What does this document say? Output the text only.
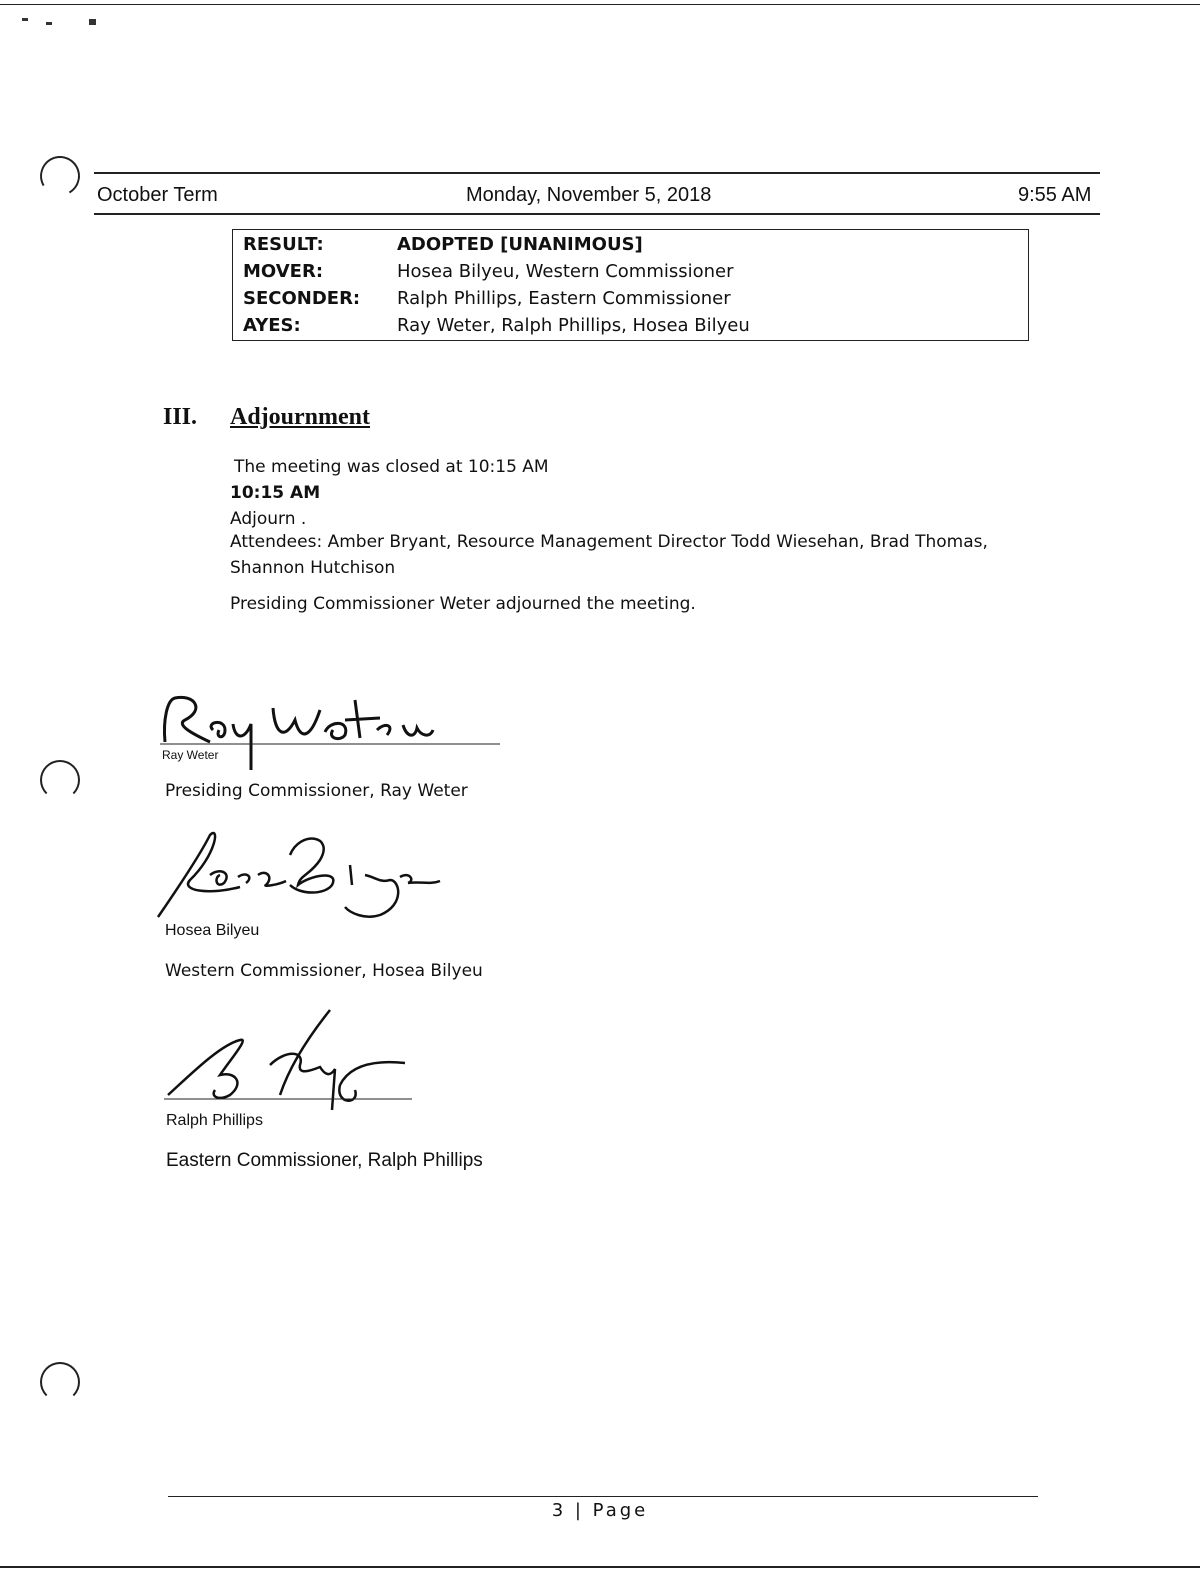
October Term	Monday, November 5, 2018	9:55 AM
RESULT:	ADOPTED [UNANIMOUS]
MOVER:	Hosea Bilyeu, Western Commissioner
SECONDER: Ralph Phillips, Eastern Commissioner
AYES:	Ray Weter, Ralph Phillips, Hosea Bilyeu
III. Adjournment
The meeting was closed at 10:15 AM
10:15 AM
Adjourn .
Attendees: Amber Bryant, Resource Management Director Todd Wiesehan, Brad Thomas,
Shannon Hutchison
Presiding Commissioner Weter adjourned the meeting.
Ray Weter
Presiding Commissioner, Ray Weter
Hosea Bilyeu
Western Commissioner, Hosea Bilyeu
Ralph Phillips
Eastern Commissioner, Ralph Phillips
3 | Page
